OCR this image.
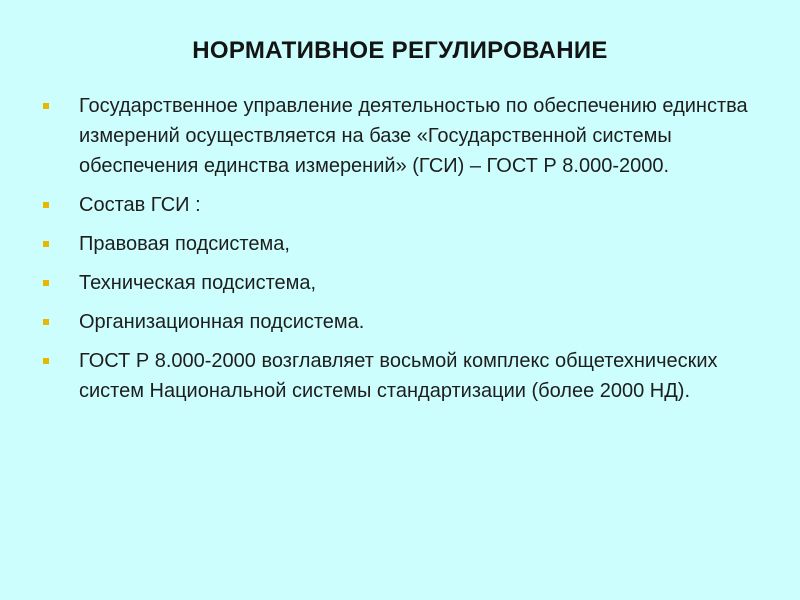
НОРМАТИВНОЕ РЕГУЛИРОВАНИЕ
Государственное управление деятельностью по обеспечению единства измерений осуществляется на базе «Государственной системы обеспечения единства измерений» (ГСИ) – ГОСТ Р 8.000-2000.
Состав ГСИ :
Правовая подсистема,
Техническая подсистема,
Организационная подсистема.
ГОСТ Р 8.000-2000 возглавляет восьмой комплекс общетехнических систем Национальной системы стандартизации (более 2000 НД).
